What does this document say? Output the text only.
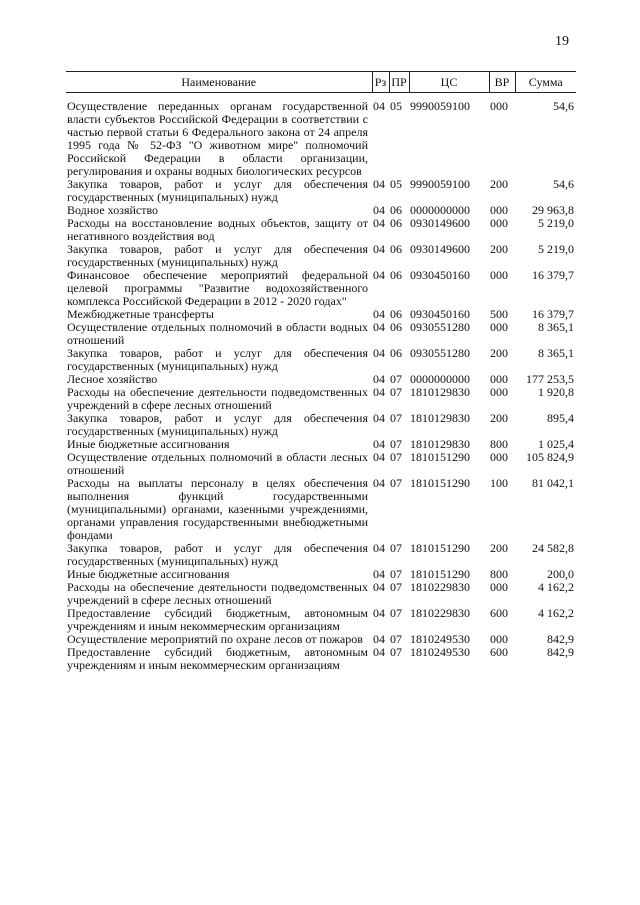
19
Наименование	Рз	ПР	ЦС	ВР	Сумма
Осуществление переданных органам государственной власти субъектов Российской Федерации в соответствии с частью первой статьи 6 Федерального закона от 24 апреля 1995 года № 52-ФЗ "О животном мире" полномочий Российской Федерации в области организации, регулирования и охраны водных биологических ресурсов	04	05	9990059100	000	54,6
Закупка товаров, работ и услуг для обеспечения государственных (муниципальных) нужд	04	05	9990059100	200	54,6
Водное хозяйство	04	06	0000000000	000	29 963,8
Расходы на восстановление водных объектов, защиту от негативного воздействия вод	04	06	0930149600	000	5 219,0
Закупка товаров, работ и услуг для обеспечения государственных (муниципальных) нужд	04	06	0930149600	200	5 219,0
Финансовое обеспечение мероприятий федеральной целевой программы "Развитие водохозяйственного комплекса Российской Федерации в 2012 - 2020 годах"	04	06	0930450160	000	16 379,7
Межбюджетные трансферты	04	06	0930450160	500	16 379,7
Осуществление отдельных полномочий в области водных отношений	04	06	0930551280	000	8 365,1
Закупка товаров, работ и услуг для обеспечения государственных (муниципальных) нужд	04	06	0930551280	200	8 365,1
Лесное хозяйство	04	07	0000000000	000	177 253,5
Расходы на обеспечение деятельности подведомственных учреждений в сфере лесных отношений	04	07	1810129830	000	1 920,8
Закупка товаров, работ и услуг для обеспечения государственных (муниципальных) нужд	04	07	1810129830	200	895,4
Иные бюджетные ассигнования	04	07	1810129830	800	1 025,4
Осуществление отдельных полномочий в области лесных отношений	04	07	1810151290	000	105 824,9
Расходы на выплаты персоналу в целях обеспечения выполнения функций государственными (муниципальными) органами, казенными учреждениями, органами управления государственными внебюджетными фондами	04	07	1810151290	100	81 042,1
Закупка товаров, работ и услуг для обеспечения государственных (муниципальных) нужд	04	07	1810151290	200	24 582,8
Иные бюджетные ассигнования	04	07	1810151290	800	200,0
Расходы на обеспечение деятельности подведомственных учреждений в сфере лесных отношений	04	07	1810229830	000	4 162,2
Предоставление субсидий бюджетным, автономным учреждениям и иным некоммерческим организациям	04	07	1810229830	600	4 162,2
Осуществление мероприятий по охране лесов от пожаров	04	07	1810249530	000	842,9
Предоставление субсидий бюджетным, автономным учреждениям и иным некоммерческим организациям	04	07	1810249530	600	842,9
